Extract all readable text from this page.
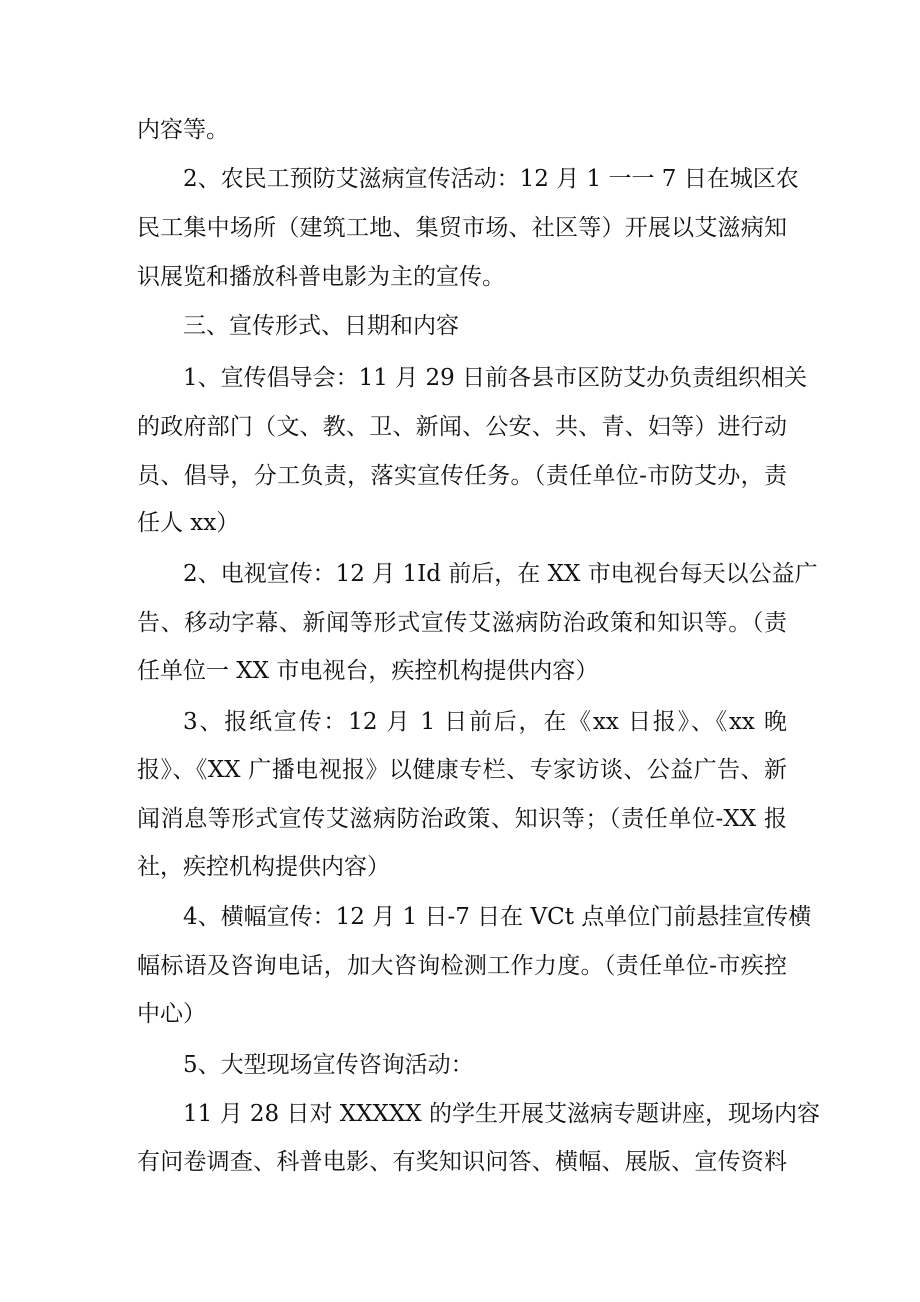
内容等。
2、农民工预防艾滋病宣传活动：12 月 1 一一 7 日在城区农
民工集中场所（建筑工地、集贸市场、社区等）开展以艾滋病知
识展览和播放科普电影为主的宣传。
三、宣传形式、日期和内容
1、宣传倡导会：11 月 29 日前各县市区防艾办负责组织相关
的政府部门（文、教、卫、新闻、公安、共、青、妇等）进行动
员、倡导，分工负责，落实宣传任务。（责任单位-市防艾办，责
任人 xx）
2、电视宣传：12 月 1Id 前后，在 XX 市电视台每天以公益广
告、移动字幕、新闻等形式宣传艾滋病防治政策和知识等。（责
任单位一 XX 市电视台，疾控机构提供内容）
3、报纸宣传：12 月 1 日前后，在《xx 日报》、《xx 晚
报》、《XX 广播电视报》以健康专栏、专家访谈、公益广告、新
闻消息等形式宣传艾滋病防治政策、知识等；（责任单位-XX 报
社，疾控机构提供内容）
4、横幅宣传：12 月 1 日-7 日在 VCt 点单位门前悬挂宣传横
幅标语及咨询电话，加大咨询检测工作力度。（责任单位-市疾控
中心）
5、大型现场宣传咨询活动：
11 月 28 日对 XXXXX 的学生开展艾滋病专题讲座，现场内容
有问卷调查、科普电影、有奖知识问答、横幅、展版、宣传资料
